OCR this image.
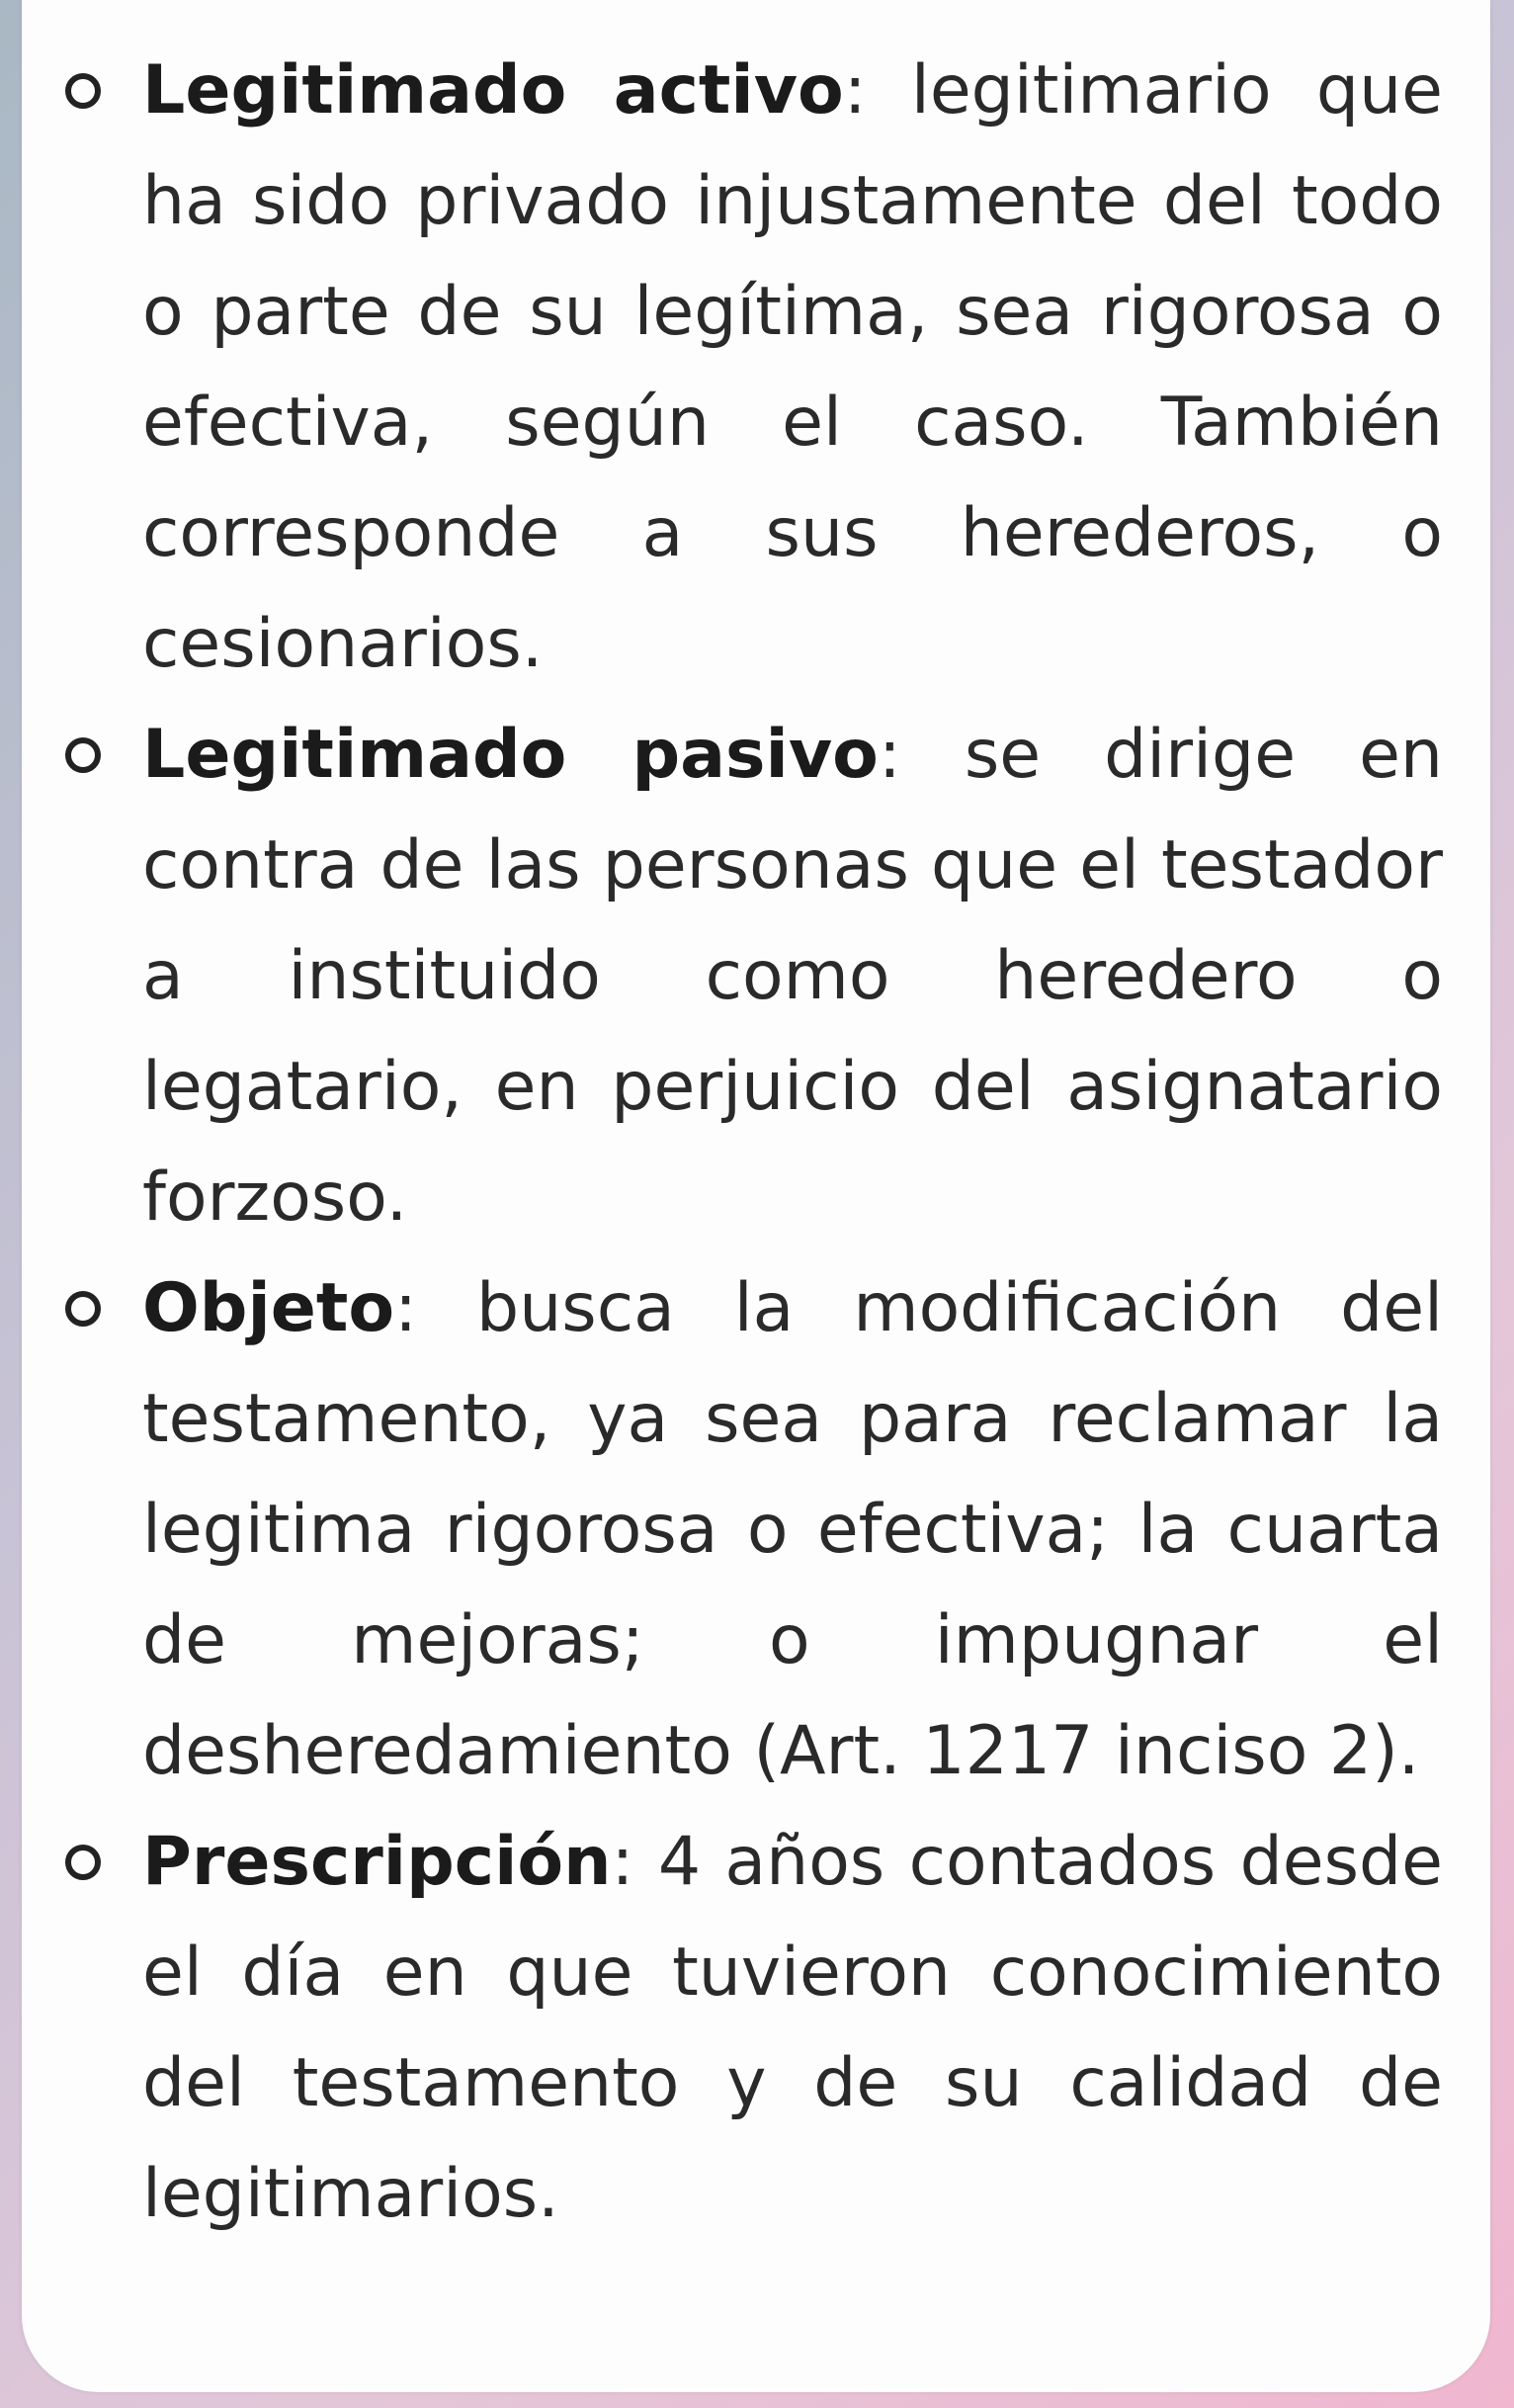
Legitimado activo: legitimario que ha sido privado injustamente del todo o parte de su legítima, sea rigorosa o efectiva, según el caso. También corresponde a sus herederos, o cesionarios.
Legitimado pasivo: se dirige en contra de las personas que el testador a instituido como heredero o legatario, en perjuicio del asignatario forzoso.
Objeto: busca la modificación del testamento, ya sea para reclamar la legitima rigorosa o efectiva; la cuarta de mejoras; o impugnar el desheredamiento (Art. 1217 inciso 2).
Prescripción: 4 años contados desde el día en que tuvieron conocimiento del testamento y de su calidad de legitimarios.
